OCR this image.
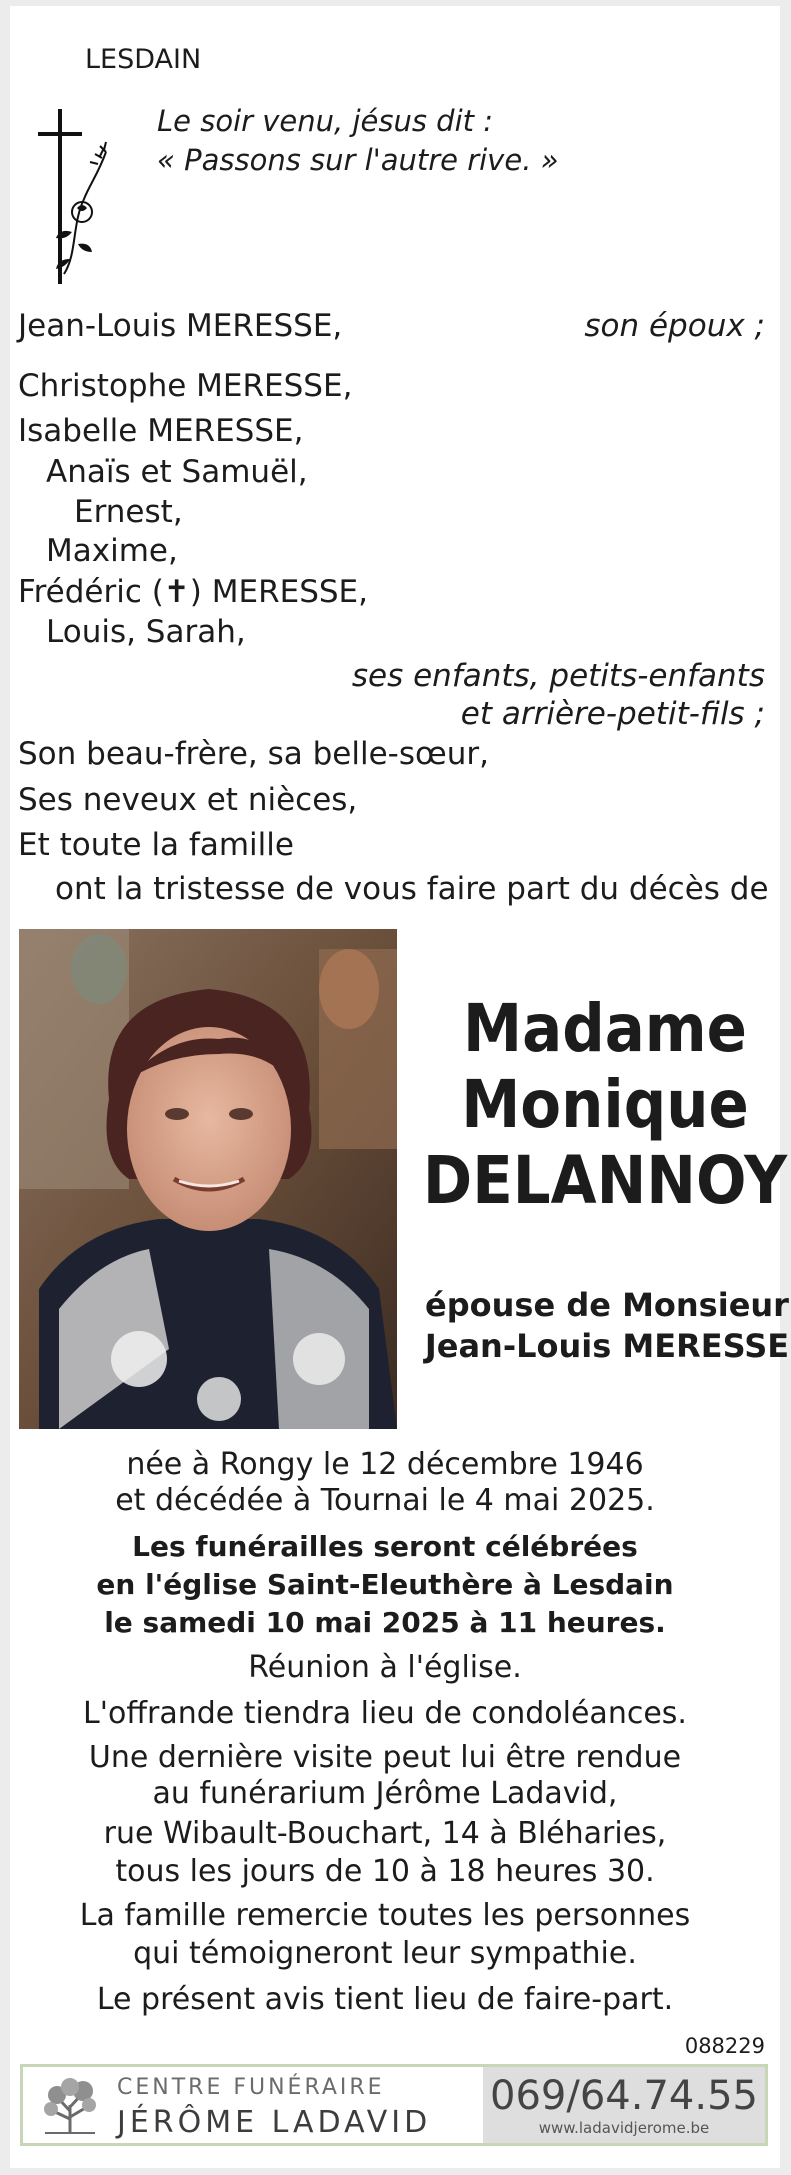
LESDAIN
Le soir venu, jésus dit :
« Passons sur l'autre rive. »
Jean-Louis MERESSE,	son époux ;
Christophe MERESSE,
Isabelle MERESSE,
Anaïs et Samuël,
Ernest,
Maxime,
Frédéric (✝) MERESSE,
Louis, Sarah,
ses enfants, petits-enfants
et arrière-petit-fils ;
Son beau-frère, sa belle-sœur,
Ses neveux et nièces,
Et toute la famille
ont la tristesse de vous faire part du décès de
Madame
Monique
DELANNOY
épouse de Monsieur
Jean-Louis MERESSE
née à Rongy le 12 décembre 1946
et décédée à Tournai le 4 mai 2025.
Les funérailles seront célébrées
en l'église Saint-Eleuthère à Lesdain
le samedi 10 mai 2025 à 11 heures.
Réunion à l'église.
L'offrande tiendra lieu de condoléances.
Une dernière visite peut lui être rendue
au funérarium Jérôme Ladavid,
rue Wibault-Bouchart, 14 à Bléharies,
tous les jours de 10 à 18 heures 30.
La famille remercie toutes les personnes
qui témoigneront leur sympathie.
Le présent avis tient lieu de faire-part.
088229
CENTRE FUNÉRAIRE
JÉRÔME LADAVID
069/64.74.55
www.ladavidjerome.be
